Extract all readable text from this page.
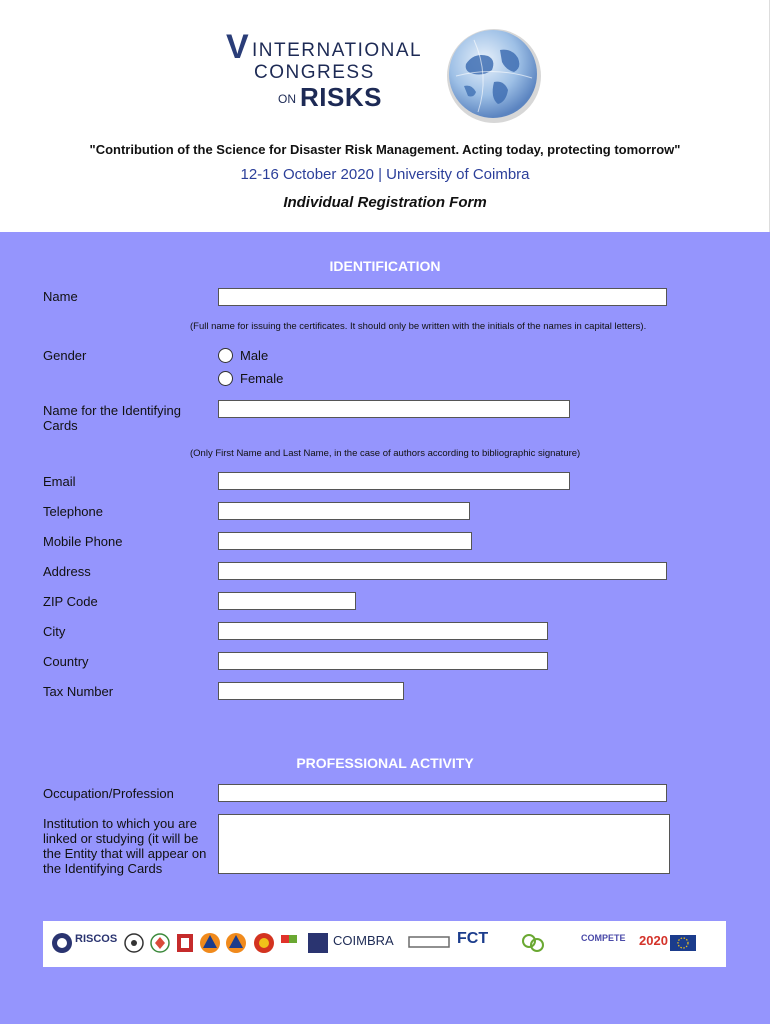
V INTERNATIONAL
CONGRESS
ON RISKS
"Contribution of the Science for Disaster Risk Management. Acting today, protecting tomorrow"
12-16 October 2020 | University of Coimbra
Individual Registration Form
IDENTIFICATION
Name
(Full name for issuing the certificates. It should only be written with the initials of the names in capital letters).
Gender	Male
Female
Name for the Identifying Cards
(Only First Name and Last Name, in the case of authors according to bibliographic signature)
Email
Telephone
Mobile Phone
Address
ZIP Code
City
Country
Tax Number
PROFESSIONAL ACTIVITY
Occupation/Profession
Institution to which you are linked or studying (it will be the Entity that will appear on the Identifying Cards
RISCOS	COIMBRA	FCT	COMPETE 2020
